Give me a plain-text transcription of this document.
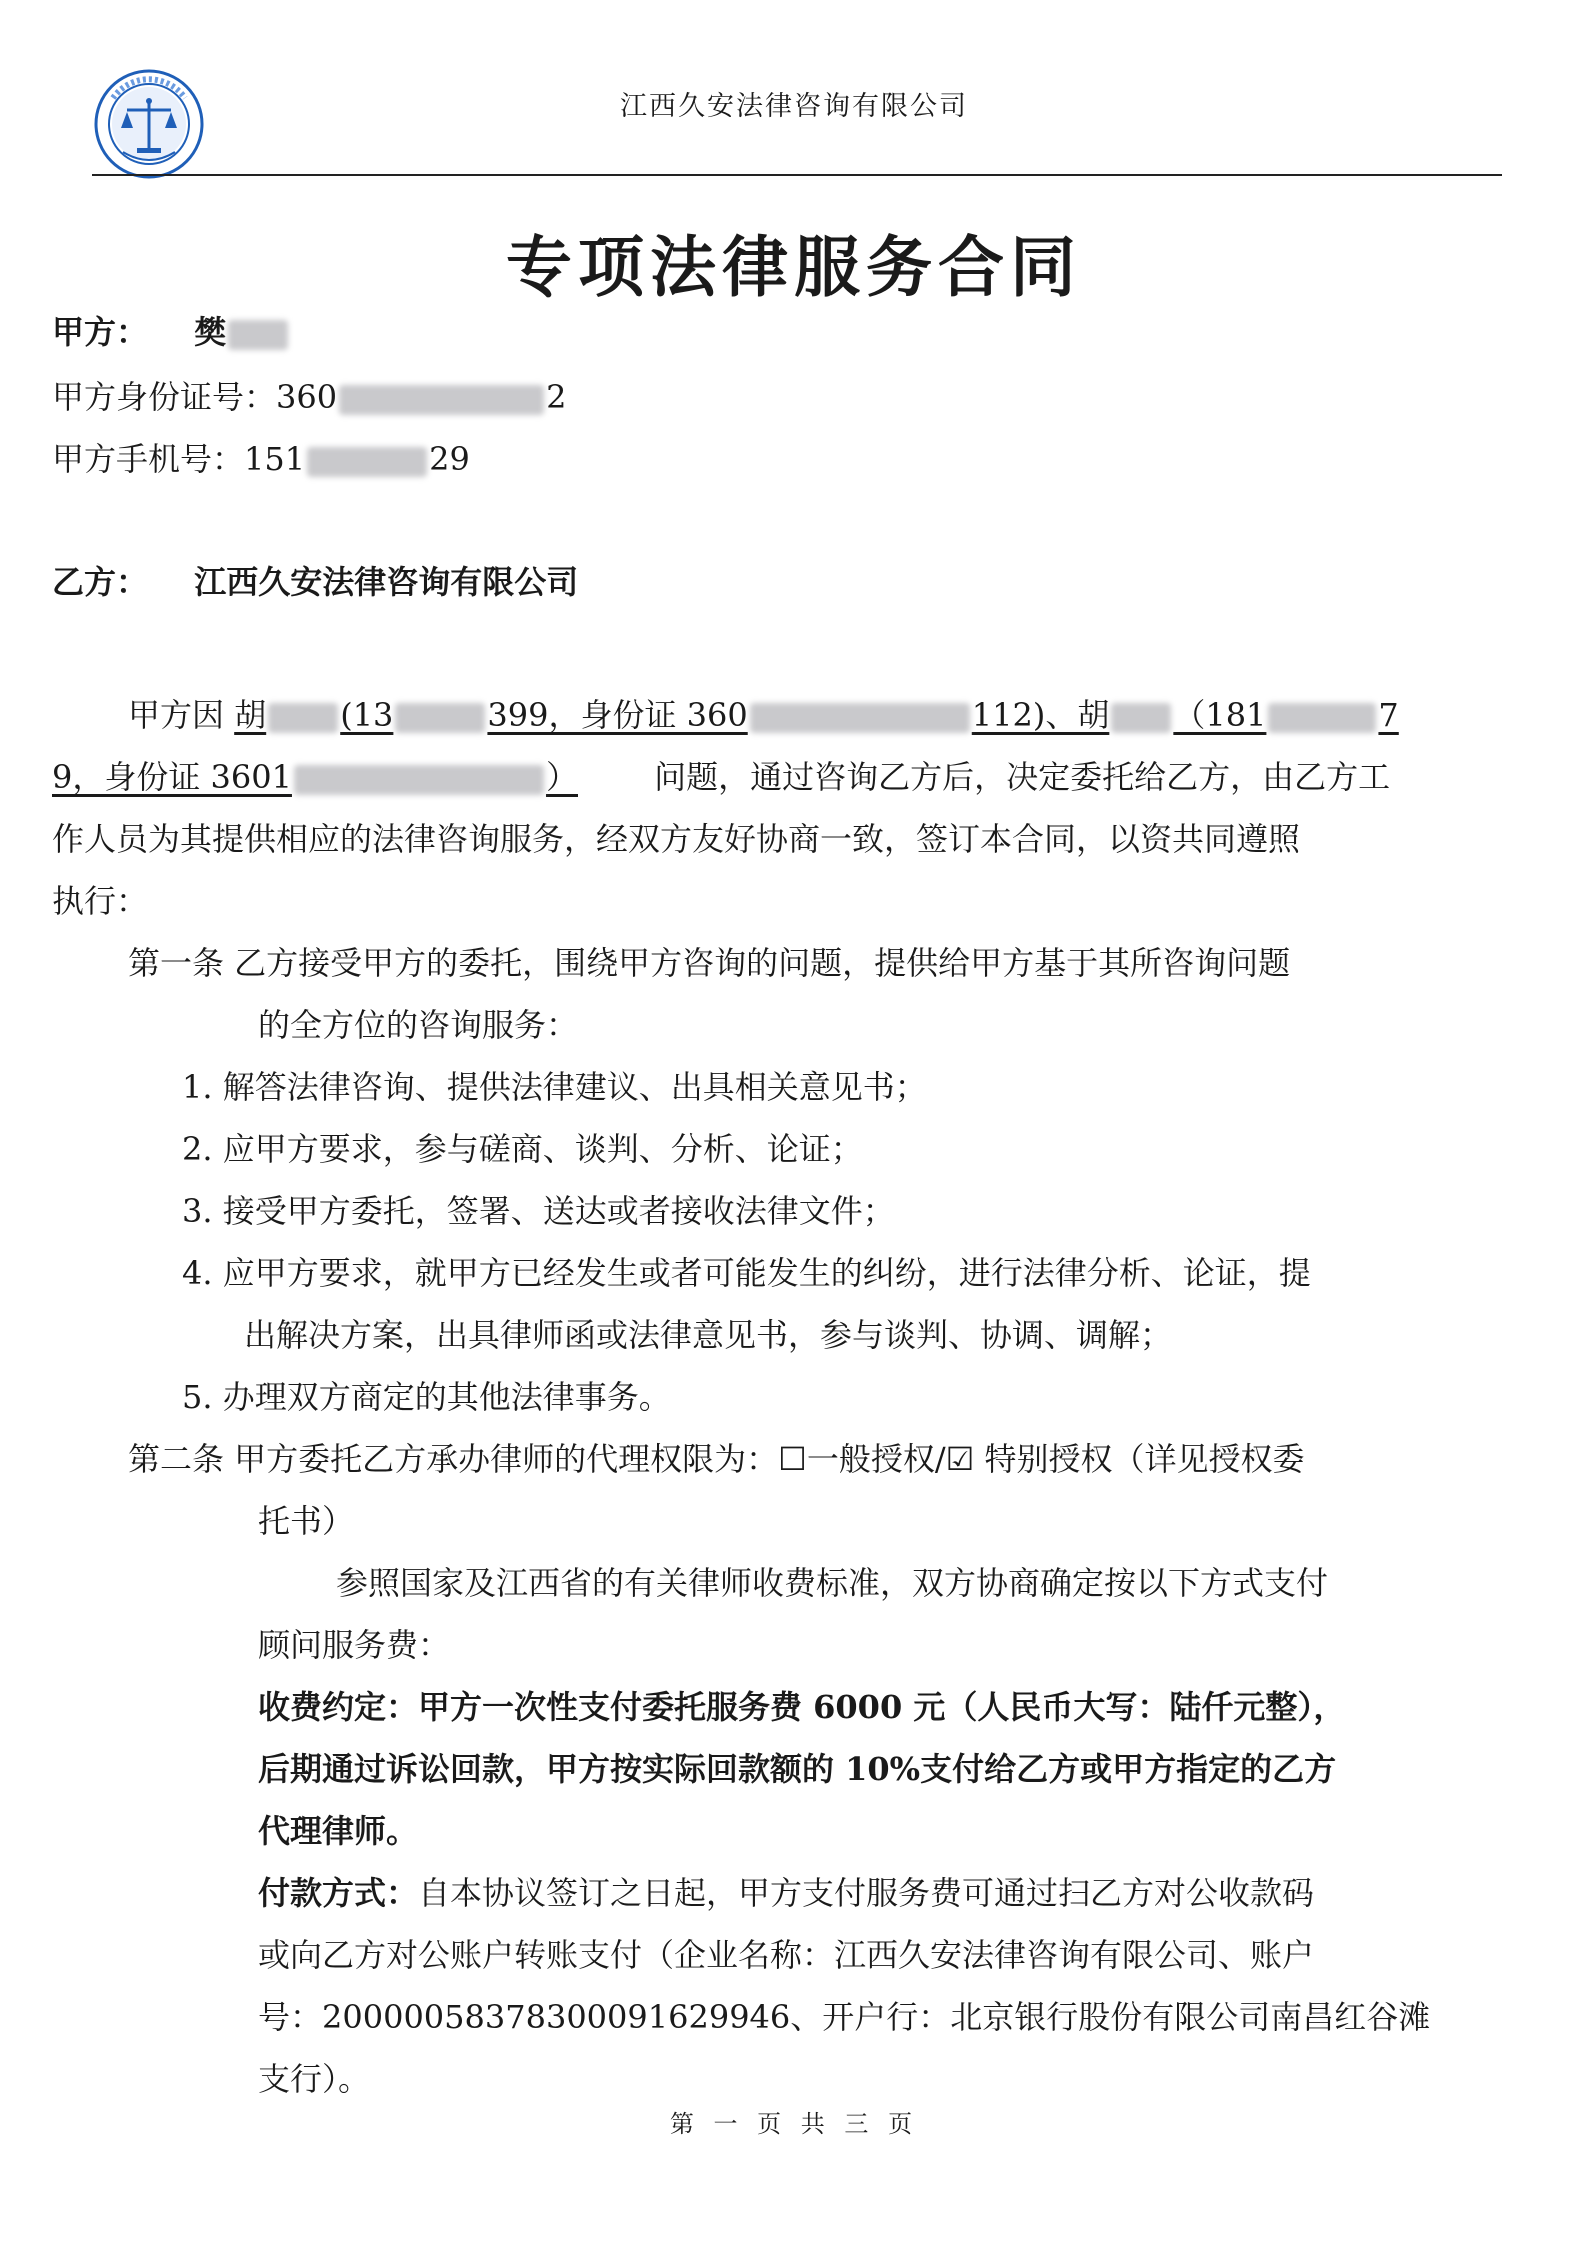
江西久安法律咨询有限公司
专项法律服务合同
甲方： 樊
甲方身份证号：360	2
甲方手机号：151	29
乙方： 江西久安法律咨询有限公司
甲方因 胡 (13	399，身份证 360	112)、胡 （181	7
9，身份证 3601	） 问题，通过咨询乙方后，决定委托给乙方，由乙方工
作人员为其提供相应的法律咨询服务，经双方友好协商一致，签订本合同，以资共同遵照
执行：
第一条 乙方接受甲方的委托，围绕甲方咨询的问题，提供给甲方基于其所咨询问题
的全方位的咨询服务：
1. 解答法律咨询、提供法律建议、出具相关意见书；
2. 应甲方要求，参与磋商、谈判、分析、论证；
3. 接受甲方委托，签署、送达或者接收法律文件；
4. 应甲方要求，就甲方已经发生或者可能发生的纠纷，进行法律分析、论证，提
出解决方案，出具律师函或法律意见书，参与谈判、协调、调解；
5. 办理双方商定的其他法律事务。
第二条 甲方委托乙方承办律师的代理权限为：☐一般授权/☑ 特别授权（详见授权委
托书）
参照国家及江西省的有关律师收费标准，双方协商确定按以下方式支付
顾问服务费：
收费约定：甲方一次性支付委托服务费 6000 元（人民币大写：陆仟元整），
后期通过诉讼回款，甲方按实际回款额的 10%支付给乙方或甲方指定的乙方
代理律师。
付款方式：自本协议签订之日起，甲方支付服务费可通过扫乙方对公收款码
或向乙方对公账户转账支付（企业名称：江西久安法律咨询有限公司、账户
号：20000058378300091629946、开户行：北京银行股份有限公司南昌红谷滩
支行）。
第 一 页 共 三 页
